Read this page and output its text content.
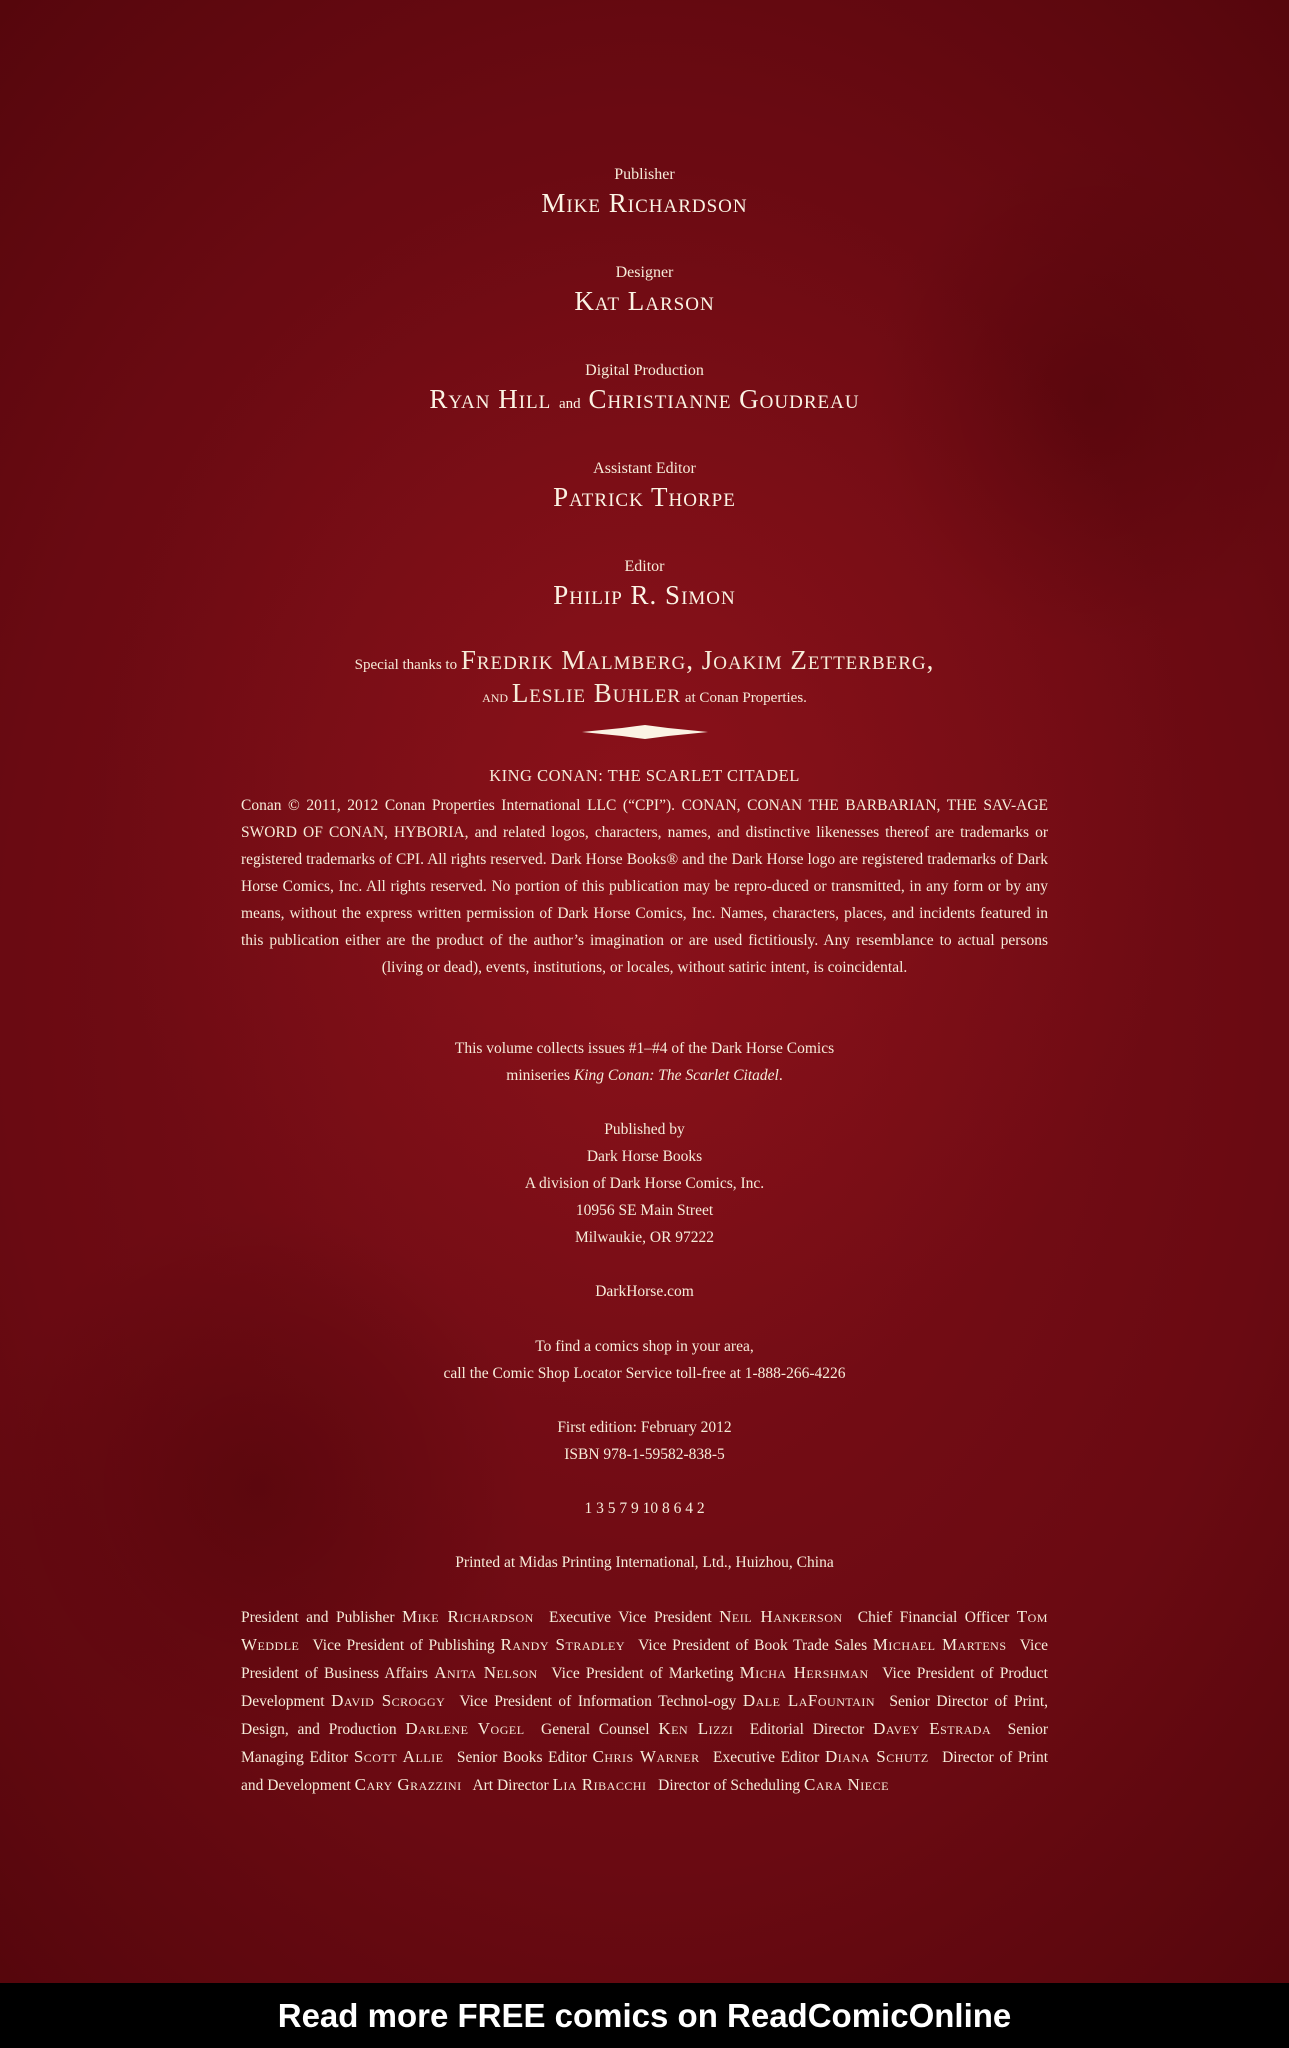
Publisher
Mike Richardson
Designer
Kat Larson
Digital Production
Ryan Hill and Christianne Goudreau
Assistant Editor
Patrick Thorpe
Editor
Philip R. Simon
Special thanks to Fredrik Malmberg, Joakim Zetterberg,
and Leslie Buhler at Conan Properties.
KING CONAN: THE SCARLET CITADEL
Conan © 2011, 2012 Conan Properties International LLC (“CPI”). CONAN, CONAN THE BARBARIAN, THE SAV-AGE SWORD OF CONAN, HYBORIA, and related logos, characters, names, and distinctive likenesses thereof are trademarks or registered trademarks of CPI. All rights reserved. Dark Horse Books® and the Dark Horse logo are registered trademarks of Dark Horse Comics, Inc. All rights reserved. No portion of this publication may be repro-duced or transmitted, in any form or by any means, without the express written permission of Dark Horse Comics, Inc. Names, characters, places, and incidents featured in this publication either are the product of the author’s imagination or are used fictitiously. Any resemblance to actual persons (living or dead), events, institutions, or locales, without satiric intent, is coincidental.
This volume collects issues #1–#4 of the Dark Horse Comics
miniseries King Conan: The Scarlet Citadel.
Published by
Dark Horse Books
A division of Dark Horse Comics, Inc.
10956 SE Main Street
Milwaukie, OR 97222
DarkHorse.com
To find a comics shop in your area,
call the Comic Shop Locator Service toll-free at 1-888-266-4226
First edition: February 2012
ISBN 978-1-59582-838-5
1 3 5 7 9 10 8 6 4 2
Printed at Midas Printing International, Ltd., Huizhou, China
President and Publisher Mike Richardson  Executive Vice President Neil Hankerson  Chief Financial Officer Tom Weddle  Vice President of Publishing Randy Stradley  Vice President of Book Trade Sales Michael Martens  Vice President of Business Affairs Anita Nelson  Vice President of Marketing Micha Hershman  Vice President of Product Development David Scroggy  Vice President of Information Technol-ogy Dale LaFountain  Senior Director of Print, Design, and Production Darlene Vogel  General Counsel Ken Lizzi  Editorial Director Davey Estrada  Senior Managing Editor Scott Allie  Senior Books Editor Chris Warner  Executive Editor Diana Schutz  Director of Print and Development Cary Grazzini  Art Director Lia Ribacchi  Director of Scheduling Cara Niece
Read more FREE comics on ReadComicOnline
